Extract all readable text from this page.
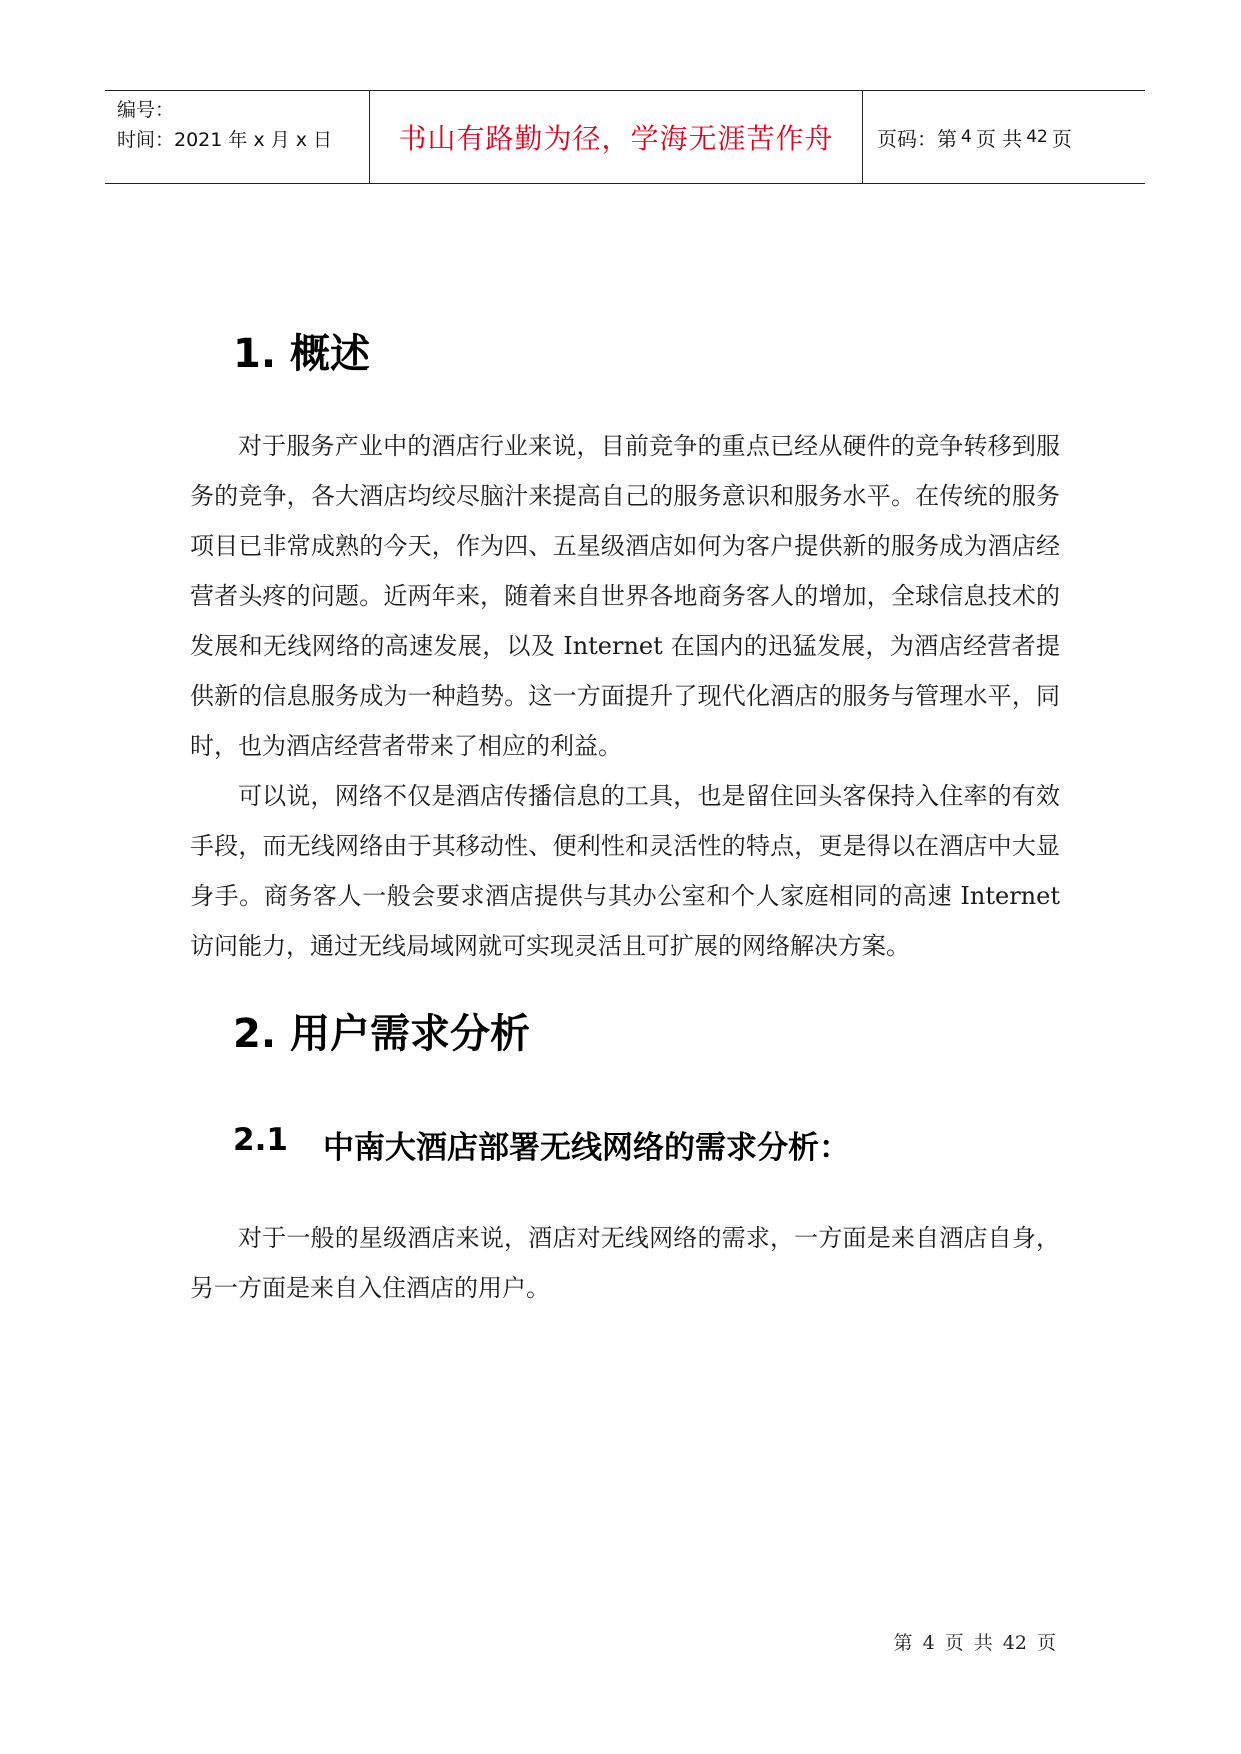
编号：
时间：2021 年 x 月 x 日	书山有路勤为径，学海无涯苦作舟	页码：第 4 页 共 42 页
1. 概述

对于服务产业中的酒店行业来说，目前竞争的重点已经从硬件的竞争转移到服务的竞争，各大酒店均绞尽脑汁来提高自己的服务意识和服务水平。在传统的服务项目已非常成熟的今天，作为四、五星级酒店如何为客户提供新的服务成为酒店经营者头疼的问题。近两年来，随着来自世界各地商务客人的增加，全球信息技术的发展和无线网络的高速发展，以及 Internet 在国内的迅猛发展，为酒店经营者提供新的信息服务成为一种趋势。这一方面提升了现代化酒店的服务与管理水平，同时，也为酒店经营者带来了相应的利益。

可以说，网络不仅是酒店传播信息的工具，也是留住回头客保持入住率的有效手段，而无线网络由于其移动性、便利性和灵活性的特点，更是得以在酒店中大显身手。商务客人一般会要求酒店提供与其办公室和个人家庭相同的高速 Internet 访问能力，通过无线局域网就可实现灵活且可扩展的网络解决方案。

2. 用户需求分析
2.1	中南大酒店部署无线网络的需求分析：

对于一般的星级酒店来说，酒店对无线网络的需求，一方面是来自酒店自身，另一方面是来自入住酒店的用户。

第 4 页 共 42 页
